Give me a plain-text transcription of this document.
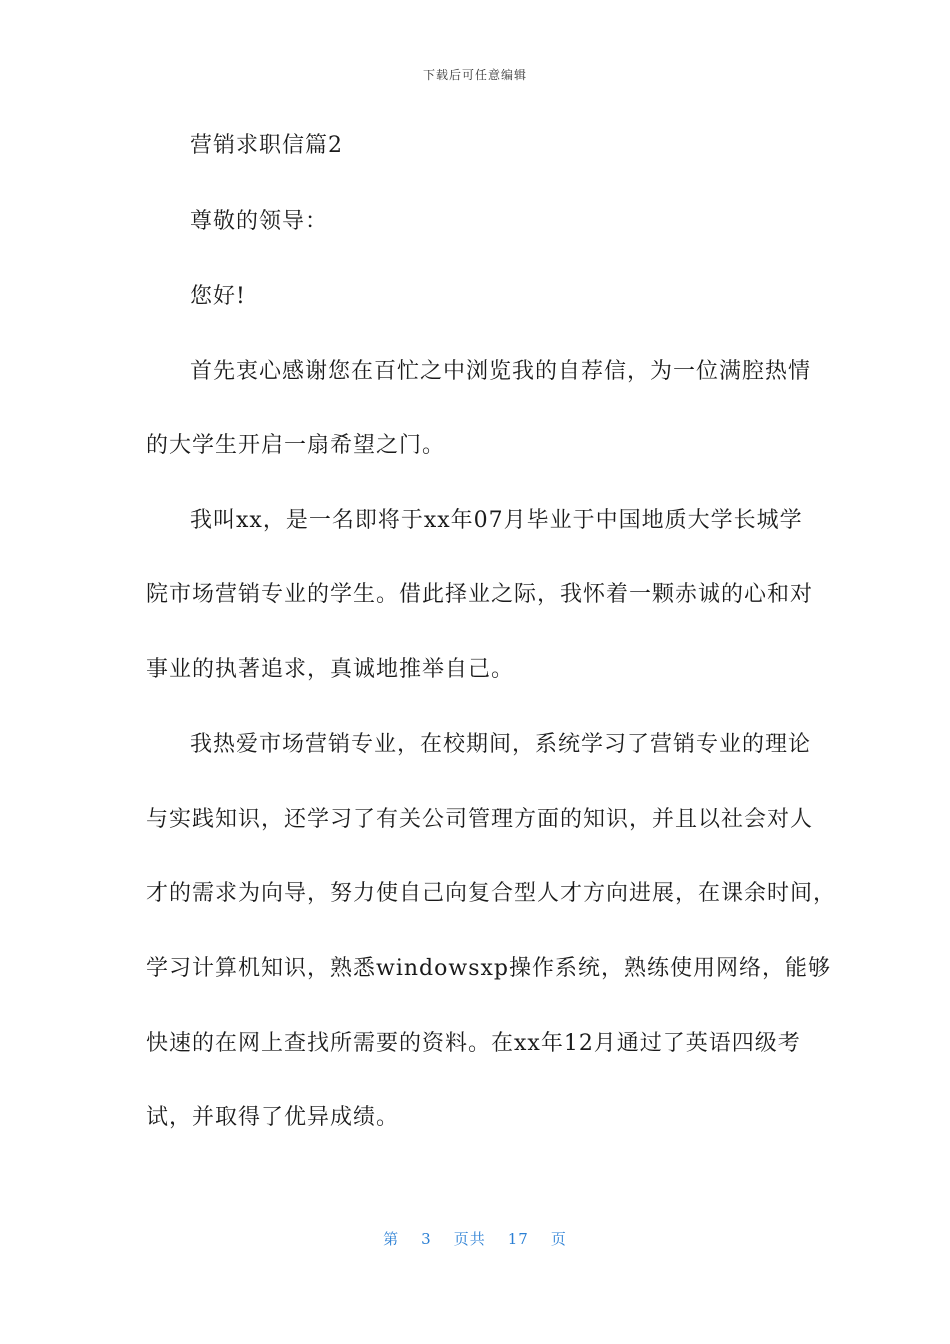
下载后可任意编辑
营销求职信篇2
尊敬的领导：
您好!
首先衷心感谢您在百忙之中浏览我的自荐信，为一位满腔热情
的大学生开启一扇希望之门。
我叫xx，是一名即将于xx年07月毕业于中国地质大学长城学
院市场营销专业的学生。借此择业之际，我怀着一颗赤诚的心和对
事业的执著追求，真诚地推举自己。
我热爱市场营销专业，在校期间，系统学习了营销专业的理论
与实践知识，还学习了有关公司管理方面的知识，并且以社会对人
才的需求为向导，努力使自己向复合型人才方向进展，在课余时间，
学习计算机知识，熟悉windowsxp操作系统，熟练使用网络，能够
快速的在网上查找所需要的资料。在xx年12月通过了英语四级考
试，并取得了优异成绩。
第 3 页共 17 页
